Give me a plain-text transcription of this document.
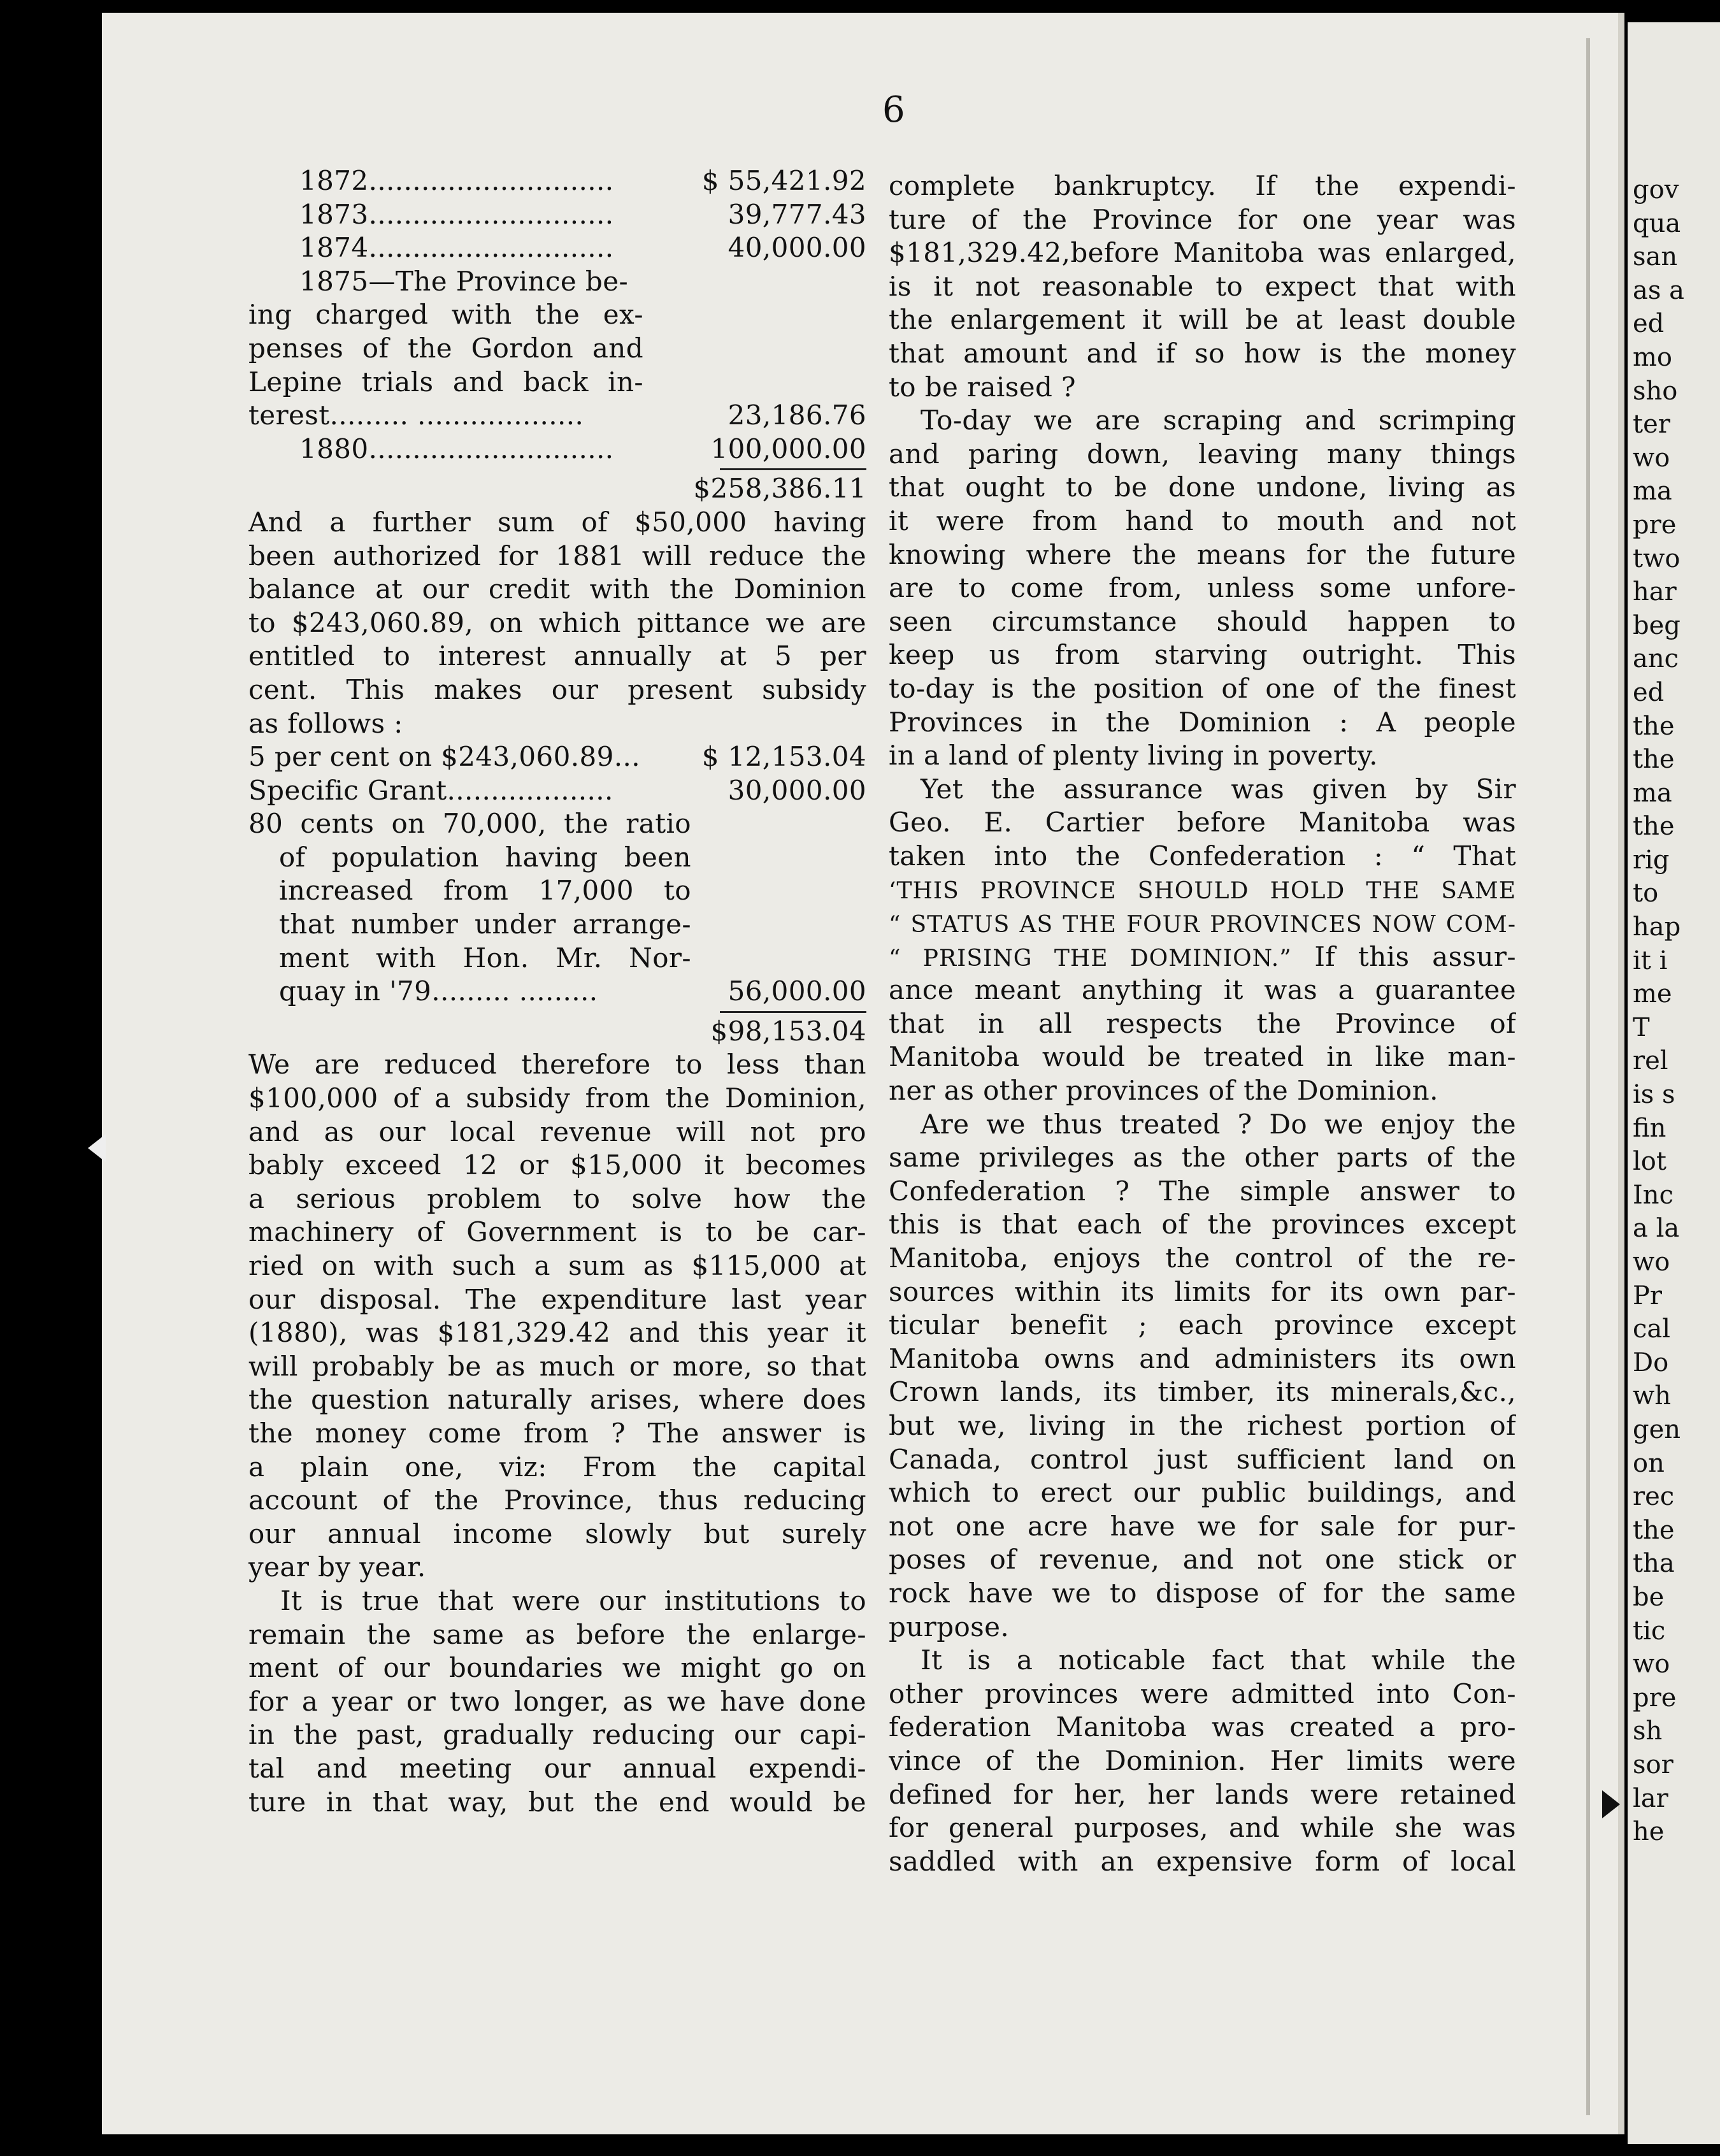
6
1872............................	$ 55,421.92
1873............................	39,777.43
1874............................	40,000.00
1875—The Province be-
ing charged with the ex-
penses of the Gordon and
Lepine trials and back in-
terest......... ...................	23,186.76
1880............................	100,000.00
$258,386.11
And a further sum of $50,000 having
been authorized for 1881 will reduce the
balance at our credit with the Dominion
to $243,060.89, on which pittance we are
entitled to interest annually at 5 per
cent. This makes our present subsidy
as follows :
5 per cent on $243,060.89...	$ 12,153.04
Specific Grant...................	30,000.00
80 cents on 70,000, the ratio
of population having been
increased from 17,000 to
that number under arrange-
ment with Hon. Mr. Nor-
quay in '79......... .........	56,000.00
$98,153.04
We are reduced therefore to less than
$100,000 of a subsidy from the Dominion,
and as our local revenue will not pro
bably exceed 12 or $15,000 it becomes
a serious problem to solve how the
machinery of Government is to be car-
ried on with such a sum as $115,000 at
our disposal. The expenditure last year
(1880), was $181,329.42 and this year it
will probably be as much or more, so that
the question naturally arises, where does
the money come from ? The answer is
a plain one, viz: From the capital
account of the Province, thus reducing
our annual income slowly but surely
year by year.
It is true that were our institutions to
remain the same as before the enlarge-
ment of our boundaries we might go on
for a year or two longer, as we have done
in the past, gradually reducing our capi-
tal and meeting our annual expendi-
ture in that way, but the end would be
complete bankruptcy. If the expendi-
ture of the Province for one year was
$181,329.42,before Manitoba was enlarged,
is it not reasonable to expect that with
the enlargement it will be at least double
that amount and if so how is the money
to be raised ?
To-day we are scraping and scrimping
and paring down, leaving many things
that ought to be done undone, living as
it were from hand to mouth and not
knowing where the means for the future
are to come from, unless some unfore-
seen circumstance should happen to
keep us from starving outright. This
to-day is the position of one of the finest
Provinces in the Dominion : A people
in a land of plenty living in poverty.
Yet the assurance was given by Sir
Geo. E. Cartier before Manitoba was
taken into the Confederation : “ That
‘THIS PROVINCE SHOULD HOLD THE SAME
“ STATUS AS THE FOUR PROVINCES NOW COM-
“ PRISING THE DOMINION.” If this assur-
ance meant anything it was a guarantee
that in all respects the Province of
Manitoba would be treated in like man-
ner as other provinces of the Dominion.
Are we thus treated ? Do we enjoy the
same privileges as the other parts of the
Confederation ? The simple answer to
this is that each of the provinces except
Manitoba, enjoys the control of the re-
sources within its limits for its own par-
ticular benefit ; each province except
Manitoba owns and administers its own
Crown lands, its timber, its minerals,&c.,
but we, living in the richest portion of
Canada, control just sufficient land on
which to erect our public buildings, and
not one acre have we for sale for pur-
poses of revenue, and not one stick or
rock have we to dispose of for the same
purpose.
It is a noticable fact that while the
other provinces were admitted into Con-
federation Manitoba was created a pro-
vince of the Dominion. Her limits were
defined for her, her lands were retained
for general purposes, and while she was
saddled with an expensive form of local
gov
qua
san
as a
ed
mo
sho
ter
wo
ma
pre
two
har
beg
anc
ed
the
the
ma
the
rig
to
hap
it i
me
T
rel
is s
fin
lot
Inc
a la
wo
Pr
cal
Do
wh
gen
on
rec
the
tha
be
tic
wo
pre
sh
sor
lar
he
